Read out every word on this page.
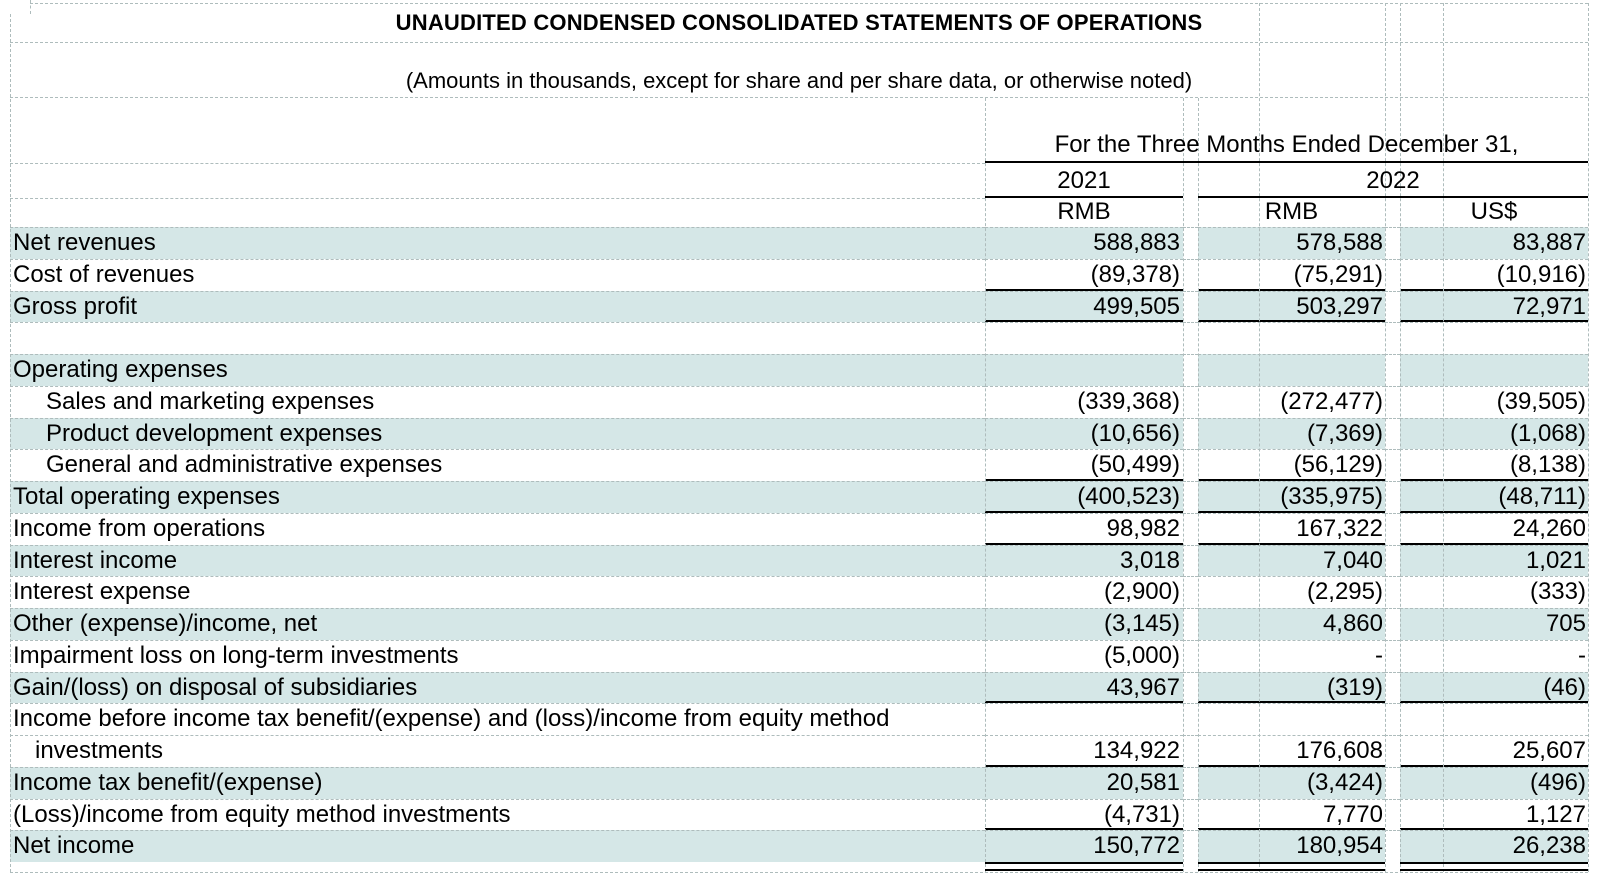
UNAUDITED CONDENSED CONSOLIDATED STATEMENTS OF OPERATIONS
(Amounts in thousands, except for share and per share data, or otherwise noted)
For the Three Months Ended December 31,
2021	2022
RMB	RMB	US$
Net revenues	588,883	578,588	83,887
Cost of revenues	(89,378)	(75,291)	(10,916)
Gross profit	499,505	503,297	72,971
Operating expenses
Sales and marketing expenses	(339,368)	(272,477)	(39,505)
Product development expenses	(10,656)	(7,369)	(1,068)
General and administrative expenses	(50,499)	(56,129)	(8,138)
Total operating expenses	(400,523)	(335,975)	(48,711)
Income from operations	98,982	167,322	24,260
Interest income	3,018	7,040	1,021
Interest expense	(2,900)	(2,295)	(333)
Other (expense)/income, net	(3,145)	4,860	705
Impairment loss on long-term investments	(5,000)	-	-
Gain/(loss) on disposal of subsidiaries	43,967	(319)	(46)
Income before income tax benefit/(expense) and (loss)/income from equity method
investments	134,922	176,608	25,607
Income tax benefit/(expense)	20,581	(3,424)	(496)
(Loss)/income from equity method investments	(4,731)	7,770	1,127
Net income	150,772	180,954	26,238
